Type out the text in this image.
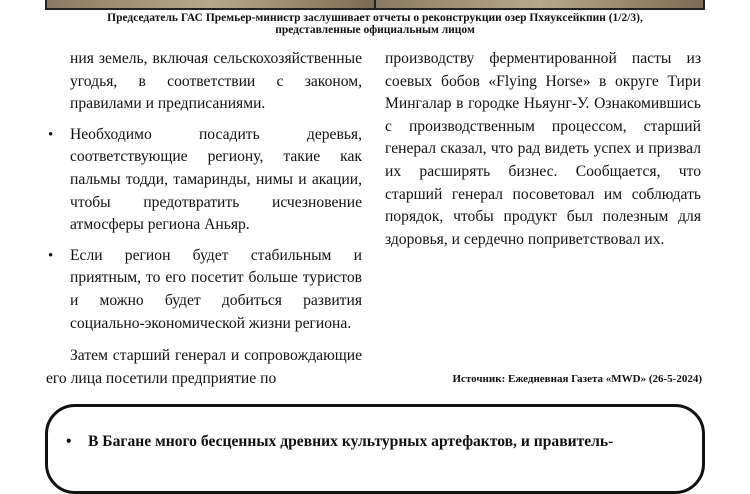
Председатель ГАС Премьер-министр заслушивает отчеты о реконструкции озер Пхяуксейкпин (1/2/3),
представленные официальным лицом

ния земель, включая сельскохозяйственные угодья, в соответствии с законом, правилами и предписаниями.

• Необходимо посадить деревья, соответствующие региону, такие как пальмы тодди, тамаринды, нимы и акации, чтобы предотвратить исчезновение атмосферы региона Аньяр.
• Если регион будет стабильным и приятным, то его посетит больше туристов и можно будет добиться развития социально-экономической жизни региона.

Затем старший генерал и сопровождающие его лица посетили предприятие по

производству ферментированной пасты из соевых бобов «Flying Horse» в округе Тири Мингалар в городке Ньяунг-У. Ознакомившись с производственным процессом, старший генерал сказал, что рад видеть успех и призвал их расширять бизнес. Сообщается, что старший генерал посоветовал им соблюдать порядок, чтобы продукт был полезным для здоровья, и сердечно поприветствовал их.

Источник: Ежедневная Газета «MWD» (26-5-2024)
• В Багане много бесценных древних культурных артефактов, и правитель-
